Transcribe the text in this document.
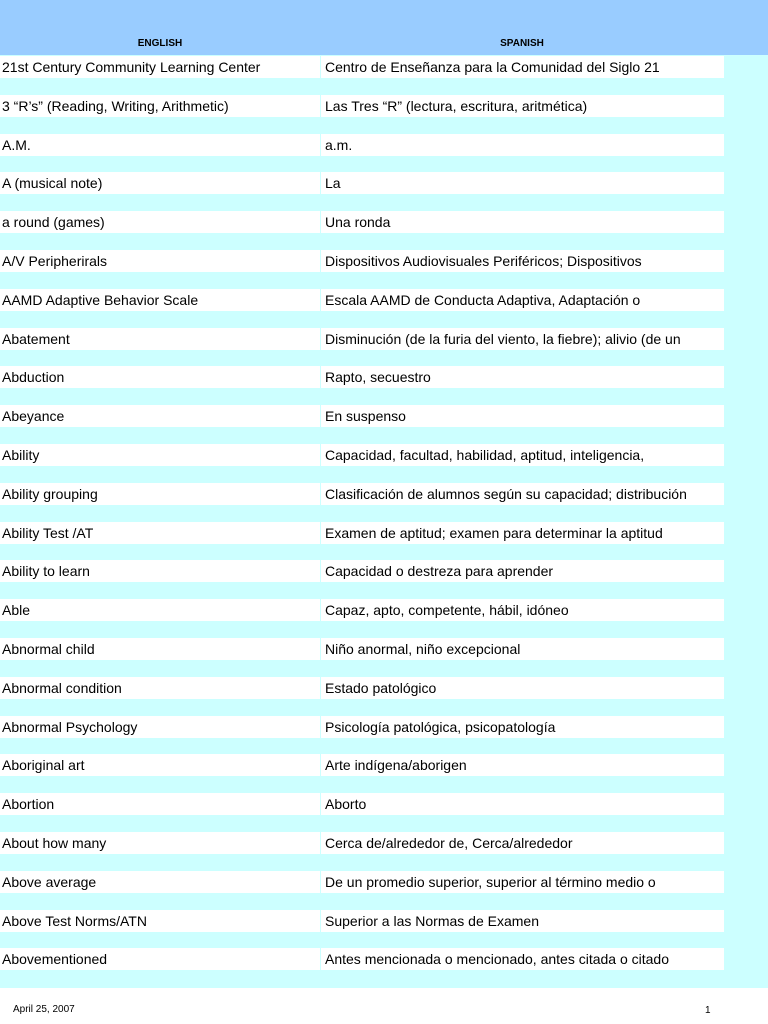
ENGLISH	SPANISH
21st Century Community Learning Center	Centro de Enseñanza para la Comunidad del Siglo 21
3 “R’s” (Reading, Writing, Arithmetic)	Las Tres “R” (lectura, escritura, aritmética)
A.M.	a.m.
A (musical note)	La
a round (games)	Una ronda
A/V Peripherirals	Dispositivos Audiovisuales Periféricos; Dispositivos
AAMD Adaptive Behavior Scale	Escala AAMD de Conducta Adaptiva, Adaptación o
Abatement	Disminución (de la furia del viento, la fiebre); alivio (de un
Abduction	Rapto, secuestro
Abeyance	En suspenso
Ability	Capacidad, facultad, habilidad, aptitud, inteligencia,
Ability grouping	Clasificación de alumnos según su capacidad; distribución
Ability Test /AT	Examen de aptitud; examen para determinar la aptitud
Ability to learn	Capacidad o destreza para aprender
Able	Capaz, apto, competente, hábil, idóneo
Abnormal child	Niño anormal, niño excepcional
Abnormal condition	Estado patológico
Abnormal Psychology	Psicología patológica, psicopatología
Aboriginal art	Arte indígena/aborigen
Abortion	Aborto
About how many	Cerca de/alrededor de, Cerca/alrededor
Above average	De un promedio superior, superior al término medio o
Above Test Norms/ATN	Superior a las Normas de Examen
Abovementioned	Antes mencionada o mencionado, antes citada o citado
April 25, 2007	1
